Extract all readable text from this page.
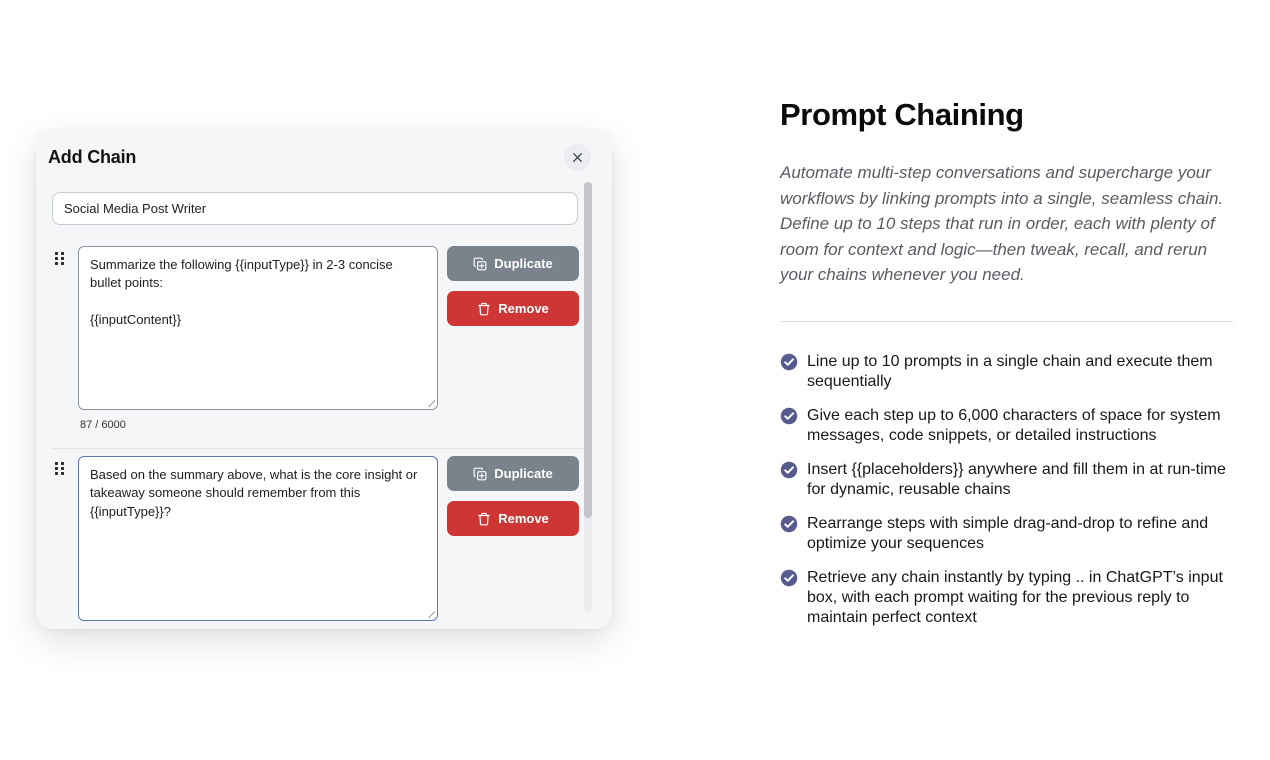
Add Chain
Social Media Post Writer
Summarize the following {{inputType}} in 2-3 concise bullet points: {{inputContent}}
Duplicate
Remove
87 / 6000
Based on the summary above, what is the core insight or takeaway someone should remember from this {{inputType}}?
Duplicate
Remove
Prompt Chaining

Automate multi-step conversations and supercharge your workflows by linking prompts into a single, seamless chain. Define up to 10 steps that run in order, each with plenty of room for context and logic—then tweak, recall, and rerun your chains whenever you need.

Line up to 10 prompts in a single chain and execute them sequentially
Give each step up to 6,000 characters of space for system messages, code snippets, or detailed instructions
Insert {{placeholders}} anywhere and fill them in at run-time for dynamic, reusable chains
Rearrange steps with simple drag-and-drop to refine and optimize your sequences
Retrieve any chain instantly by typing .. in ChatGPT’s input box, with each prompt waiting for the previous reply to maintain perfect context
